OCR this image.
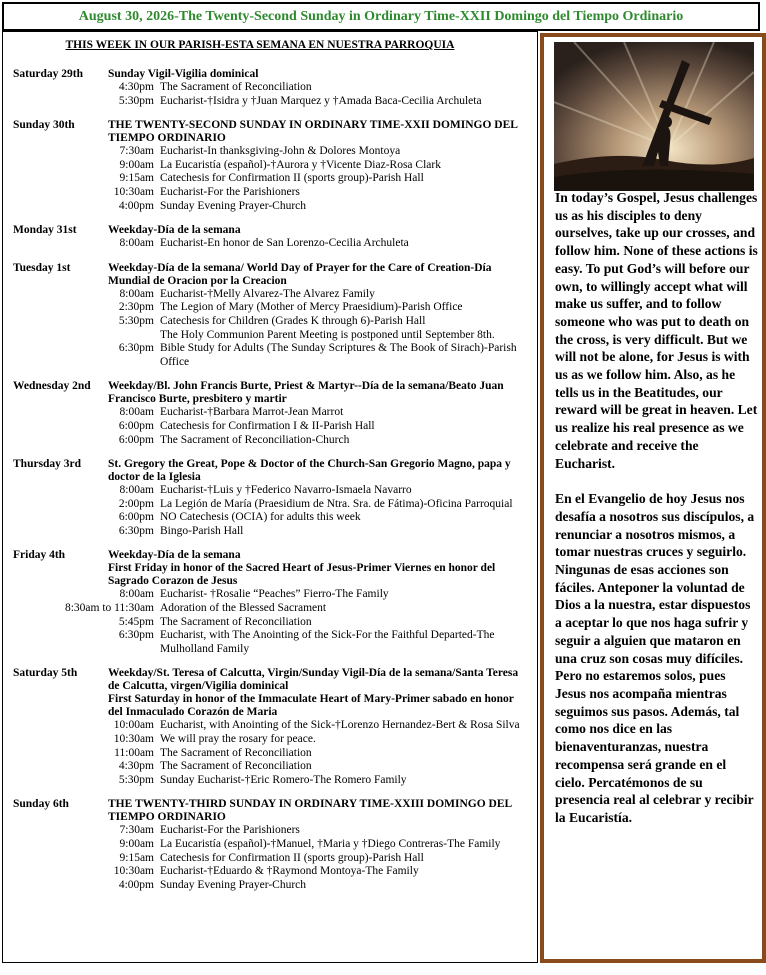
August 30, 2026-The Twenty-Second Sunday in Ordinary Time-XXII Domingo del Tiempo Ordinario
THIS WEEK IN OUR PARISH-ESTA SEMANA EN NUESTRA PARROQUIA
Saturday 29th	Sunday Vigil-Vigilia dominical
4:30pm The Sacrament of Reconciliation
5:30pm Eucharist-†Isidra y †Juan Marquez y †Amada Baca-Cecilia Archuleta
Sunday 30th	THE TWENTY-SECOND SUNDAY IN ORDINARY TIME-XXII DOMINGO DEL TIEMPO ORDINARIO
7:30am Eucharist-In thanksgiving-John & Dolores Montoya
9:00am La Eucaristía (español)-†Aurora y †Vicente Diaz-Rosa Clark
9:15am Catechesis for Confirmation II (sports group)-Parish Hall
10:30am Eucharist-For the Parishioners
4:00pm Sunday Evening Prayer-Church
Monday 31st	Weekday-Día de la semana
8:00am Eucharist-En honor de San Lorenzo-Cecilia Archuleta
Tuesday 1st	Weekday-Día de la semana/ World Day of Prayer for the Care of Creation-Día Mundial de Oracion por la Creacion
8:00am Eucharist-†Melly Alvarez-The Alvarez Family
2:30pm The Legion of Mary (Mother of Mercy Praesidium)-Parish Office
5:30pm Catechesis for Children (Grades K through 6)-Parish Hall
The Holy Communion Parent Meeting is postponed until September 8th.
6:30pm Bible Study for Adults (The Sunday Scriptures & The Book of Sirach)-Parish Office
Wednesday 2nd	Weekday/Bl. John Francis Burte, Priest & Martyr--Día de la semana/Beato Juan Francisco Burte, presbitero y martir
8:00am Eucharist-†Barbara Marrot-Jean Marrot
6:00pm Catechesis for Confirmation I & II-Parish Hall
6:00pm The Sacrament of Reconciliation-Church
Thursday 3rd	St. Gregory the Great, Pope & Doctor of the Church-San Gregorio Magno, papa y doctor de la Iglesia
8:00am Eucharist-†Luis y †Federico Navarro-Ismaela Navarro
2:00pm La Legión de María (Praesidium de Ntra. Sra. de Fátima)-Oficina Parroquial
6:00pm NO Catechesis (OCIA) for adults this week
6:30pm Bingo-Parish Hall
Friday 4th	Weekday-Día de la semana
First Friday in honor of the Sacred Heart of Jesus-Primer Viernes en honor del Sagrado Corazon de Jesus
8:00am Eucharist- †Rosalie “Peaches” Fierro-The Family
8:30am to 11:30am Adoration of the Blessed Sacrament
5:45pm The Sacrament of Reconciliation
6:30pm Eucharist, with The Anointing of the Sick-For the Faithful Departed-The Mulholland Family
Saturday 5th	Weekday/St. Teresa of Calcutta, Virgin/Sunday Vigil-Día de la semana/Santa Teresa de Calcutta, virgen/Vigilia dominical
First Saturday in honor of the Immaculate Heart of Mary-Primer sabado en honor del Inmaculado Corazón de Maria
10:00am Eucharist, with Anointing of the Sick-†Lorenzo Hernandez-Bert & Rosa Silva
10:30am We will pray the rosary for peace.
11:00am The Sacrament of Reconciliation
4:30pm The Sacrament of Reconciliation
5:30pm Sunday Eucharist-†Eric Romero-The Romero Family
Sunday 6th	THE TWENTY-THIRD SUNDAY IN ORDINARY TIME-XXIII DOMINGO DEL TIEMPO ORDINARIO
7:30am Eucharist-For the Parishioners
9:00am La Eucaristía (español)-†Manuel, †Maria y †Diego Contreras-The Family
9:15am Catechesis for Confirmation II (sports group)-Parish Hall
10:30am Eucharist-†Eduardo & †Raymond Montoya-The Family
4:00pm Sunday Evening Prayer-Church

In today’s Gospel, Jesus challenges us as his disciples to deny ourselves, take up our crosses, and follow him. None of these actions is easy. To put God’s will before our own, to willingly accept what will make us suffer, and to follow someone who was put to death on the cross, is very difficult. But we will not be alone, for Jesus is with us as we follow him. Also, as he tells us in the Beatitudes, our reward will be great in heaven. Let us realize his real presence as we celebrate and receive the Eucharist.

En el Evangelio de hoy Jesus nos desafía a nosotros sus discípulos, a renunciar a nosotros mismos, a tomar nuestras cruces y seguirlo. Ningunas de esas acciones son fáciles. Anteponer la voluntad de Dios a la nuestra, estar dispuestos a aceptar lo que nos haga sufrir y seguir a alguien que mataron en una cruz son cosas muy difíciles. Pero no estaremos solos, pues Jesus nos acompaña mientras seguimos sus pasos. Además, tal como nos dice en las bienaventuranzas, nuestra recompensa será grande en el cielo. Percatémonos de su presencia real al celebrar y recibir la Eucaristía.
